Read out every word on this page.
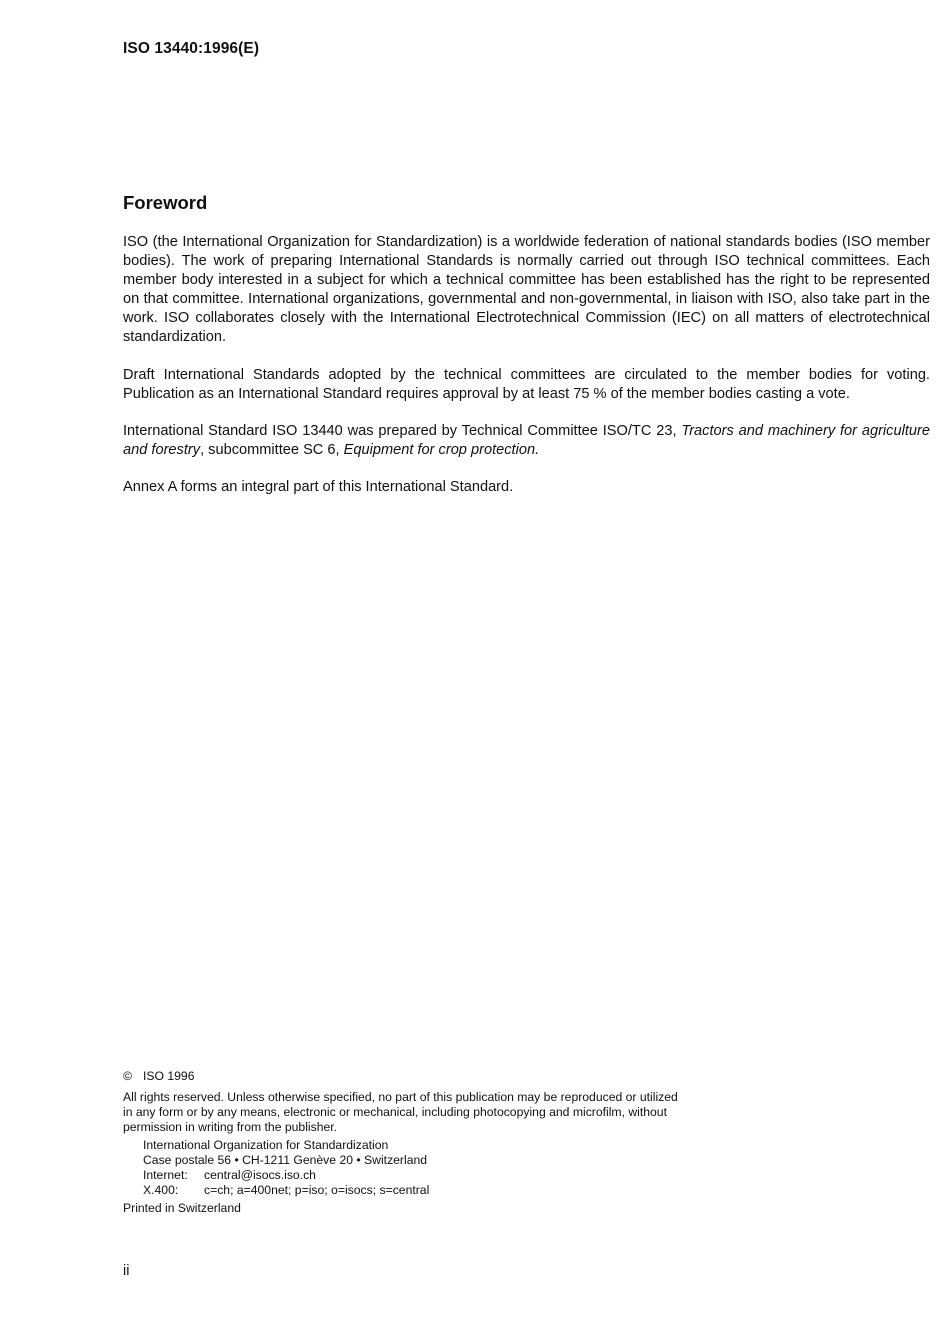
ISO 13440:1996(E)
Foreword

ISO (the International Organization for Standardization) is a worldwide federation of national standards bodies (ISO member bodies). The work of preparing International Standards is normally carried out through ISO technical committees. Each member body interested in a subject for which a technical committee has been established has the right to be represented on that committee. International organizations, governmental and non-governmental, in liaison with ISO, also take part in the work. ISO collaborates closely with the International Electrotechnical Commission (IEC) on all matters of electrotechnical standardization.

Draft International Standards adopted by the technical committees are circulated to the member bodies for voting. Publication as an International Standard requires approval by at least 75 % of the member bodies casting a vote.

International Standard ISO 13440 was prepared by Technical Committee ISO/TC 23, Tractors and machinery for agriculture and forestry, subcommittee SC 6, Equipment for crop protection.

Annex A forms an integral part of this International Standard.

© ISO 1996
All rights reserved. Unless otherwise specified, no part of this publication may be reproduced or utilized in any form or by any means, electronic or mechanical, including photocopying and microfilm, without permission in writing from the publisher.
International Organization for Standardization
Case postale 56 • CH-1211 Genève 20 • Switzerland
Internet:	central@isocs.iso.ch
X.400:	c=ch; a=400net; p=iso; o=isocs; s=central
Printed in Switzerland
ii
